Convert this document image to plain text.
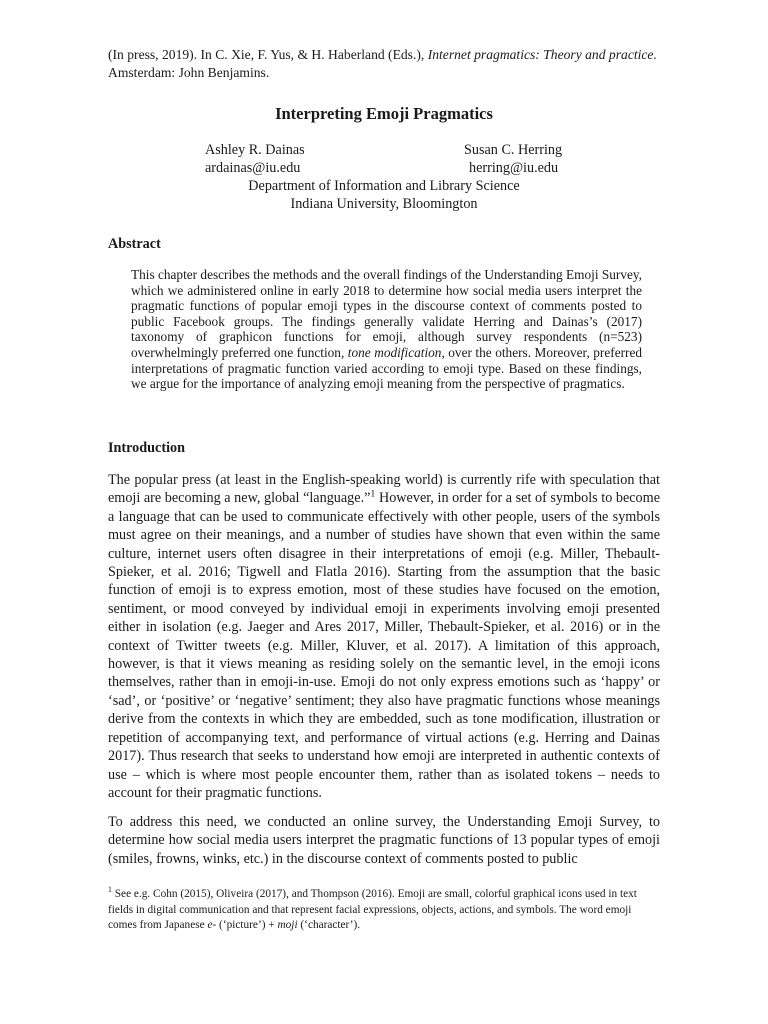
(In press, 2019). In C. Xie, F. Yus, & H. Haberland (Eds.), Internet pragmatics: Theory and practice. Amsterdam: John Benjamins.

Interpreting Emoji Pragmatics
Ashley R. Dainas
ardainas@iu.edu
Susan C. Herring
herring@iu.edu
Department of Information and Library Science
Indiana University, Bloomington
Abstract

This chapter describes the methods and the overall findings of the Understanding Emoji Survey, which we administered online in early 2018 to determine how social media users interpret the pragmatic functions of popular emoji types in the discourse context of comments posted to public Facebook groups. The findings generally validate Herring and Dainas’s (2017) taxonomy of graphicon functions for emoji, although survey respondents (n=523) overwhelmingly preferred one function, tone modification, over the others. Moreover, preferred interpretations of pragmatic function varied according to emoji type. Based on these findings, we argue for the importance of analyzing emoji meaning from the perspective of pragmatics.

Introduction

The popular press (at least in the English-speaking world) is currently rife with speculation that emoji are becoming a new, global “language.”$^1$ However, in order for a set of symbols to become a language that can be used to communicate effectively with other people, users of the symbols must agree on their meanings, and a number of studies have shown that even within the same culture, internet users often disagree in their interpretations of emoji (e.g. Miller, Thebault-Spieker, et al. 2016; Tigwell and Flatla 2016). Starting from the assumption that the basic function of emoji is to express emotion, most of these studies have focused on the emotion, sentiment, or mood conveyed by individual emoji in experiments involving emoji presented either in isolation (e.g. Jaeger and Ares 2017, Miller, Thebault-Spieker, et al. 2016) or in the context of Twitter tweets (e.g. Miller, Kluver, et al. 2017). A limitation of this approach, however, is that it views meaning as residing solely on the semantic level, in the emoji icons themselves, rather than in emoji-in-use. Emoji do not only express emotions such as ‘happy’ or ‘sad’, or ‘positive’ or ‘negative’ sentiment; they also have pragmatic functions whose meanings derive from the contexts in which they are embedded, such as tone modification, illustration or repetition of accompanying text, and performance of virtual actions (e.g. Herring and Dainas 2017). Thus research that seeks to understand how emoji are interpreted in authentic contexts of use – which is where most people encounter them, rather than as isolated tokens – needs to account for their pragmatic functions.

To address this need, we conducted an online survey, the Understanding Emoji Survey, to determine how social media users interpret the pragmatic functions of 13 popular types of emoji (smiles, frowns, winks, etc.) in the discourse context of comments posted to public

$^1$ See e.g. Cohn (2015), Oliveira (2017), and Thompson (2016). Emoji are small, colorful graphical icons used in text fields in digital communication and that represent facial expressions, objects, actions, and symbols. The word emoji comes from Japanese e- (‘picture’) + moji (‘character’).
